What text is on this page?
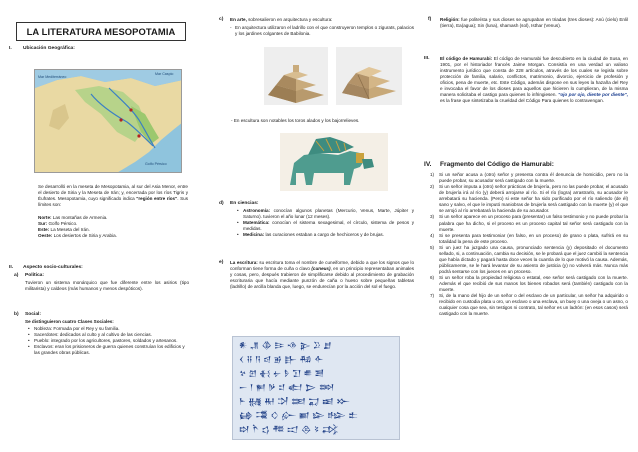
LA LITERATURA MESOPOTAMIA
I. Ubicación Geográfica:
Mar Caspio
Golfo Pérsico
Mar Mediterráneo
Se desarrolló en la meseta de Mesopotamia, al sur del Asia Menor, entre el desierto de Siria y la Meseta de Irán; y, encerrada por los ríos Tigris y Éufrates. Mesopotamia, cuyo significado indica "región entre ríos". Sus límites son:
Norte: Las montañas de Armenia.
Sur: Golfo Pérsico.
Este: La Meseta del Irán.
Oeste: Los desiertos de Siria y Arabia.
II. Aspecto socio-culturales:
a) Política:
Tuvieron un sistema monárquico que fue diferente entre los asirios (tipo militarista) y caldeos (más humanos y menos despóticos).
b) Social:
Se distinguieron cuatro Clases Sociales:
• Nobleza: Formada por el Rey y su familia.
• Sacerdotes: dedicados al culto y al cultivo de las ciencias.
• Pueblo: integrado por los agricultores, pastores, soldados y artesanos.
• Esclavos: eran los prisioneros de guerra quienes construían los edificios y las grandes obras públicas.
c) En arte, sobresalieron en arquitectura y escultura:
- En arquitectura utilizaron el ladrillo con el que construyeron templos o zigurats, palacios y los jardines colgantes de Babilonia.
- En escultura son notables los toros alados y los bajorrelieves.
d) En ciencias:
• Astronomía: conocían algunos planetas (Mercurio, Venus, Marte, Júpiter y Saturno). tuvieron el año lunar (12 meses).
• Matemática: conocían el sistema sexagesimal, el círculo, sistema de pesos y medidas.
• Medicina: las curaciones estaban a cargo de hechiceros y de brujas.
e) La escritura: su escritura toma el nombre de cuneiforme, debido a que los signos que lo conforman tiene forma de cuña o clavo (cuneus), en un principio representaban animales y cosas, pero, después trabieron de simplificarse debido al procedimiento de grabación escrituraria que hacía mediante punzón de caña o hueso sobre pequeñas tabletas (ladrillo) de arcilla blanda que, luego, se endurecían por la acción del sol el fuego.
𒀭 𒂗 𒆠 𒄿 𒈾 𒉌 𒊒 𒋗
𒌋 𒍝 𒀀 𒁀 𒂊 𒃲 𒄀 𒅆
𒆳 𒇻 𒈬 𒉡 𒊩 𒋛 𒌑 𒍪
𒀸 𒁹 𒂍 𒃻 𒄑 𒅗 𒆕 𒇷
𒈨 𒉆 𒊑 𒋫 𒌅 𒍑 𒀜 𒁍
𒂵 𒃮 𒄭 𒅎 𒆤 𒇽 𒈗 𒉺
𒊭 𒋻 𒌓 𒍣 𒀊 𒁲 𒂟 𒃶
f) Religión: fue politeísta y sus dioses se agrupaban en triadas (tres dioses): Anú (cielo) Enlil (tierra), Ea(agua); Sin (luna), shamash (sol), Isthar (Venus).
III. El código de Hamurabi: El código de Hamurabi fue descubierto en la ciudad de Susa, en 1901, por el historiador francés Jaime Morgan. Consistía en una verdad un valioso instrumento jurídico que consta de 228 artículos, através de los cuales se legisla sobre protección de familia, salario, conflictos, matrimonio, divorcio, ejercicio de profesión y oficios, pena de muerte, etc. Este Código, además dispone en sus leyes la hazaña del Rey e invocaba el favor de los dioses para aquellos que hicieren lo cumplieran, de la misma manera solicitaba el castigo para quienes lo infringiesen. "ojo por ojo, diente por diente", es la frase que sintetizaba la crueldad del Código Para quienes lo contravengan.
IV. Fragmento del Código de Hamurabi:
1) Si un señor acusa a (otro) señor y presenta contra él denuncia de homicidio, pero no la puede probar, su acusador será castigado con la muerte.
2) Si un señor imputa a (otro) señor prácticas de brujería, pero no las puede probar, el acusado de brujería irá al río (y) deberá arrojarse al río. Si el río (logra) arrastrarlo, su acusador le arrebatará su hacienda. (Pero) si este señor ha sido purificado por el río saliendo (de él) sano y salvo, el que le imputó maniobras de brujería será castigado con la muerte (y) el que se arrojó al río arrebatará la hacienda de su acusador.
3) Si un señor aparece en un proceso para (presentar) un falso testimonio y no puede probar la palabra que ha dicho, si el proceso es un proceso capital tal señor será castigado con la muerte.
4) Si se presenta para testimoniar (en falso, en un proceso) de grano o plata, sufrirá en su totalidad la pena de este proceso.
5) Si un juez ha juzgado una causa, pronunciado sentencia (y) depositado el documento sellado, si, a continuación, cambia su decisión, se le probará que el juez cambió la sentencia que había dictado y pagará hasta doce veces la cuantía de lo que motivó la causa. Además, públicamente, se le hará levantar de su asiento de justicia (y) no volverá más. Nunca más podrá sentarse con los jueces en un proceso.
6) Si un señor roba la propiedad religiosa o estatal, ese señor será castigado con la muerte. Además el que recibió de sus manos los bienes robados será (también) castigado con la muerte.
7) Si, de la mano del hijo de un señor o del esclavo de un particular, un señor ha adquirido o recibido en custodia plata u oro, un esclavo o una esclava, un buey o una oveja o un asno, o cualquier cosa que sea, sin testigos ni contrato, tal señor es un ladrón: (en esos casos) será castigado con la muerte.
